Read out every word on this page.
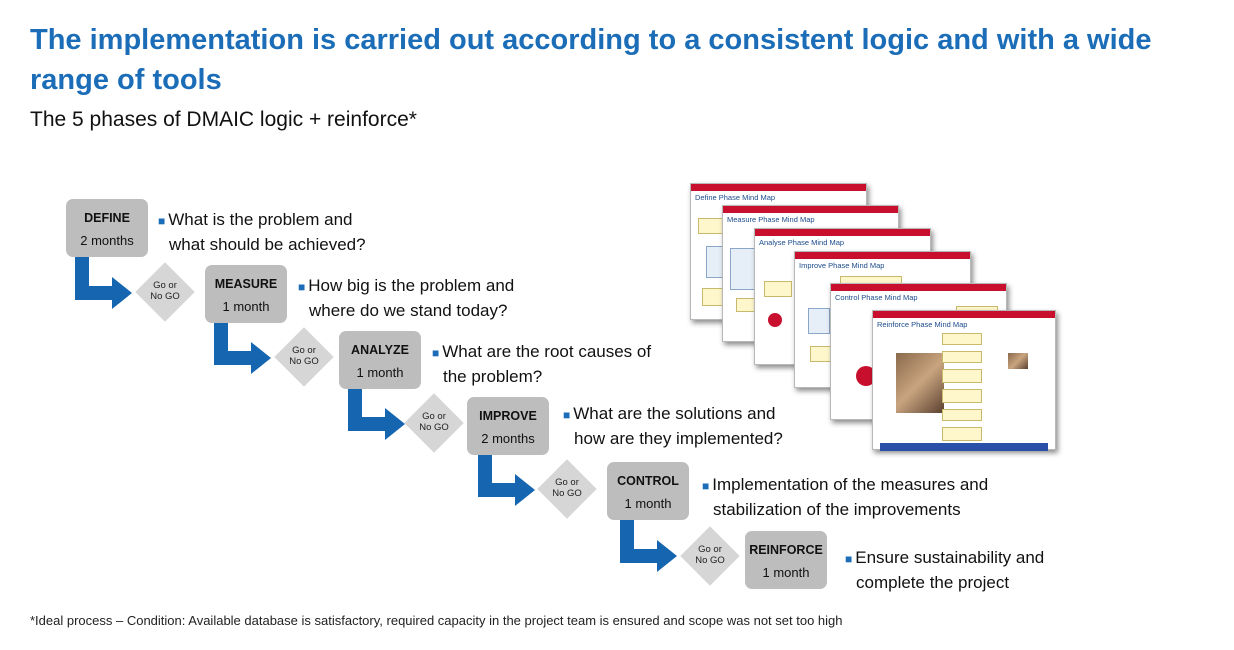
The implementation is carried out according to a consistent logic and with a wide range of tools
The 5 phases of DMAIC logic + reinforce*
Go or
No GO
Go or
No GO
Go or
No GO
Go or
No GO
Go or
No GO
DEFINE
2 months
MEASURE
1 month
ANALYZE
1 month
IMPROVE
2 months
CONTROL
1 month
REINFORCE
1 month
■ What is the problem and
what should be achieved?
■ How big is the problem and
where do we stand today?
■ What are the root causes of
the problem?
■ What are the solutions and
how are they implemented?
■ Implementation of the measures and
stabilization of the improvements
■ Ensure sustainability and
complete the project
Define Phase Mind Map
Measure Phase Mind Map
Analyse Phase Mind Map
Improve Phase Mind Map
Control Phase Mind Map
Reinforce Phase Mind Map
*Ideal process – Condition: Available database is satisfactory, required capacity in the project team is ensured and scope was not set too high
